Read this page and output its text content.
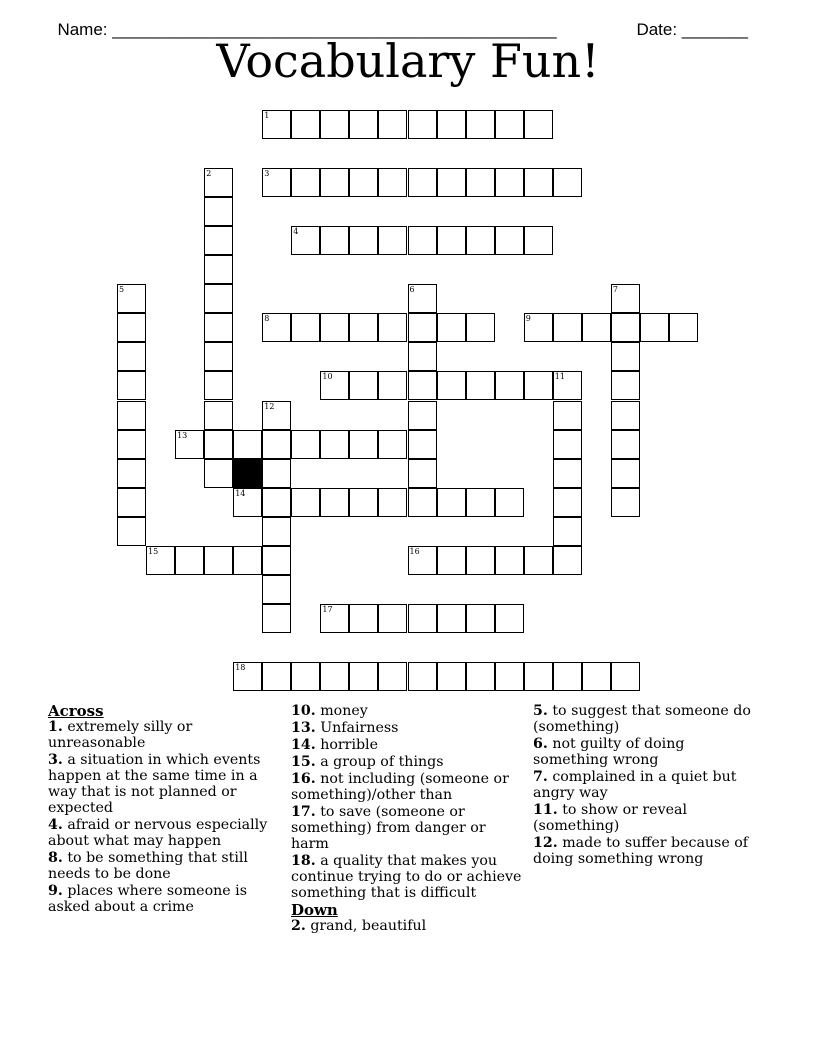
Name: _______________________________________________	Date: _______

Vocabulary Fun!
1
2	3
4
5	6	7
8	9
10	11
12
13
14
15	16
17
18
Across
1. extremely silly or unreasonable
3. a situation in which events happen at the same time in a way that is not planned or expected
4. afraid or nervous especially about what may happen
8. to be something that still needs to be done
9. places where someone is asked about a crime
10. money
13. Unfairness
14. horrible
15. a group of things
16. not including (someone or something)/other than
17. to save (someone or something) from danger or harm
18. a quality that makes you continue trying to do or achieve something that is difficult
Down
2. grand, beautiful
5. to suggest that someone do (something)
6. not guilty of doing something wrong
7. complained in a quiet but angry way
11. to show or reveal (something)
12. made to suffer because of doing something wrong
